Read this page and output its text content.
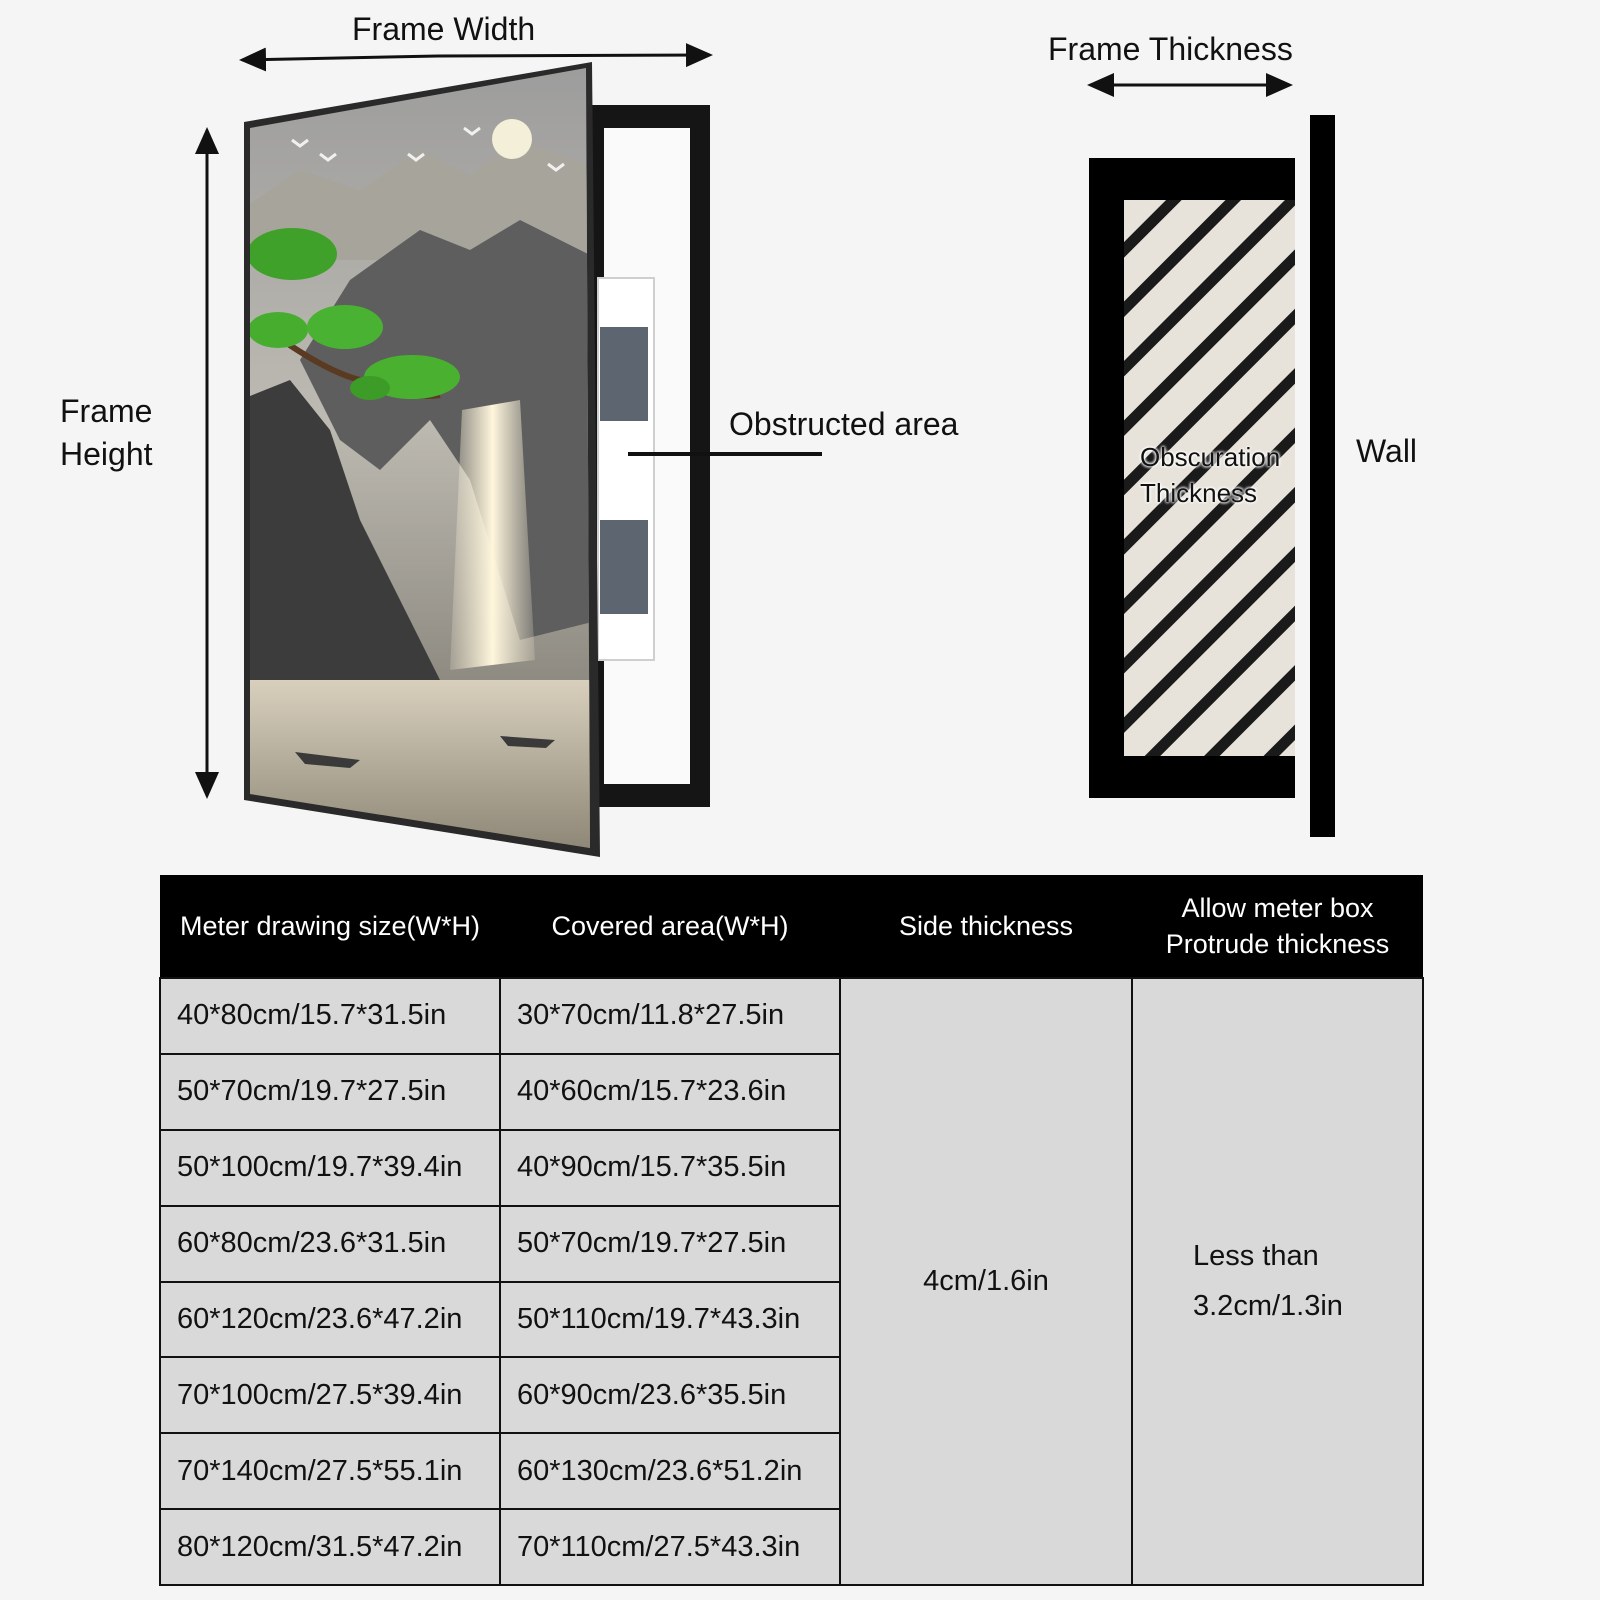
Frame Width
Frame
Height
Obstructed area
Frame Thickness
Obscuration
Thickness
Wall
Meter drawing size(W*H)	Covered area(W*H)	Side thickness	Allow meter box
Protrude thickness
40*80cm/15.7*31.5in	30*70cm/11.8*27.5in	4cm/1.6in	Less than
3.2cm/1.3in

50*70cm/19.7*27.5in	40*60cm/15.7*23.6in		
50*100cm/19.7*39.4in	40*90cm/15.7*35.5in		
60*80cm/23.6*31.5in	50*70cm/19.7*27.5in		
60*120cm/23.6*47.2in	50*110cm/19.7*43.3in		
70*100cm/27.5*39.4in	60*90cm/23.6*35.5in		
70*140cm/27.5*55.1in	60*130cm/23.6*51.2in		
80*120cm/31.5*47.2in	70*110cm/27.5*43.3in		
